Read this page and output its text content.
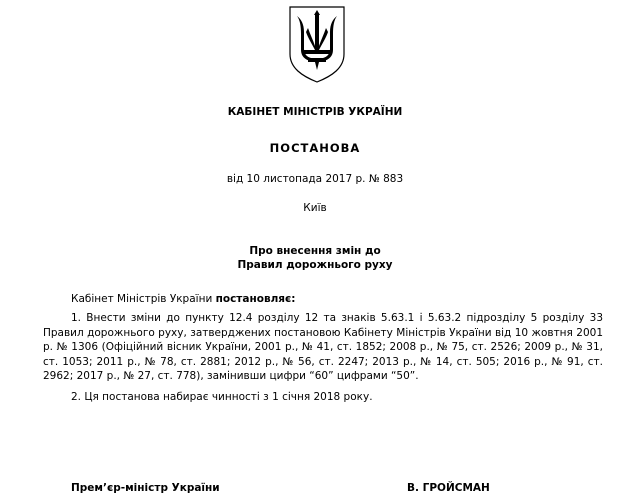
КАБІНЕТ МІНІСТРІВ УКРАЇНИ
ПОСТАНОВА
від 10 листопада 2017 р. № 883
Київ
Про внесення змін до
Правил дорожнього руху
Кабінет Міністрів України постановляє:

1. Внести зміни до пункту 12.4 розділу 12 та знаків 5.63.1 і 5.63.2 підрозділу 5 розділу 33 Правил дорожнього руху, затверджених постановою Кабінету Міністрів України від 10 жовтня 2001 р. № 1306 (Офіційний вісник України, 2001 р., № 41, ст. 1852; 2008 р., № 75, ст. 2526; 2009 р., № 31, ст. 1053; 2011 р., № 78, ст. 2881; 2012 р., № 56, ст. 2247; 2013 р., № 14, ст. 505; 2016 р., № 91, ст. 2962; 2017 р., № 27, ст. 778), замінивши цифри “60” цифрами “50”.

2. Ця постанова набирає чинності з 1 січня 2018 року.

Прем’єр-міністр України	В. ГРОЙСМАН
